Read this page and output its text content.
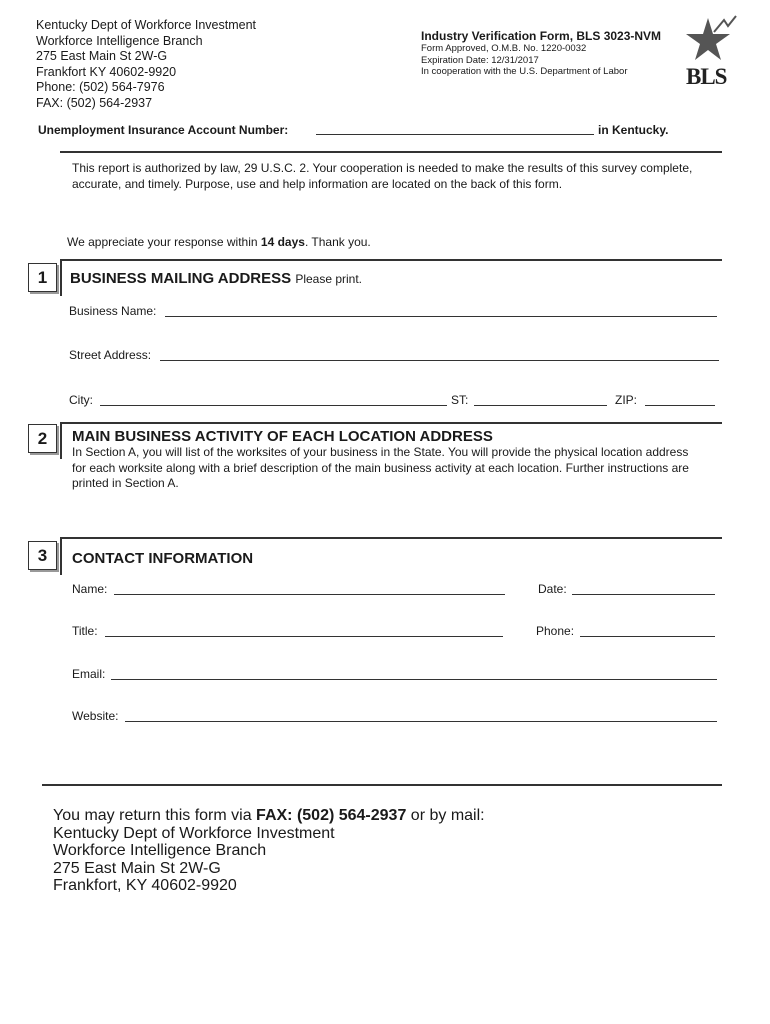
Kentucky Dept of Workforce Investment
Workforce Intelligence Branch
275 East Main St 2W-G
Frankfort KY 40602-9920
Phone: (502) 564-7976
FAX: (502) 564-2937
Industry Verification Form, BLS 3023-NVM
Form Approved, O.M.B. No. 1220-0032
Expiration Date: 12/31/2017
In cooperation with the U.S. Department of Labor	BLS
Unemployment Insurance Account Number:	in Kentucky.
This report is authorized by law, 29 U.S.C. 2. Your cooperation is needed to make the results of this survey complete, accurate, and timely. Purpose, use and help information are located on the back of this form.
We appreciate your response within 14 days. Thank you.
1	BUSINESS MAILING ADDRESS Please print.
Business Name:
Street Address:
City:	ST:	ZIP:
2	MAIN BUSINESS ACTIVITY OF EACH LOCATION ADDRESS
In Section A, you will list of the worksites of your business in the State. You will provide the physical location address for each worksite along with a brief description of the main business activity at each location. Further instructions are printed in Section A.
3	CONTACT INFORMATION
Name:	Date:
Title:	Phone:
Email:
Website:
You may return this form via FAX: (502) 564-2937 or by mail:
Kentucky Dept of Workforce Investment
Workforce Intelligence Branch
275 East Main St 2W-G
Frankfort, KY 40602-9920
